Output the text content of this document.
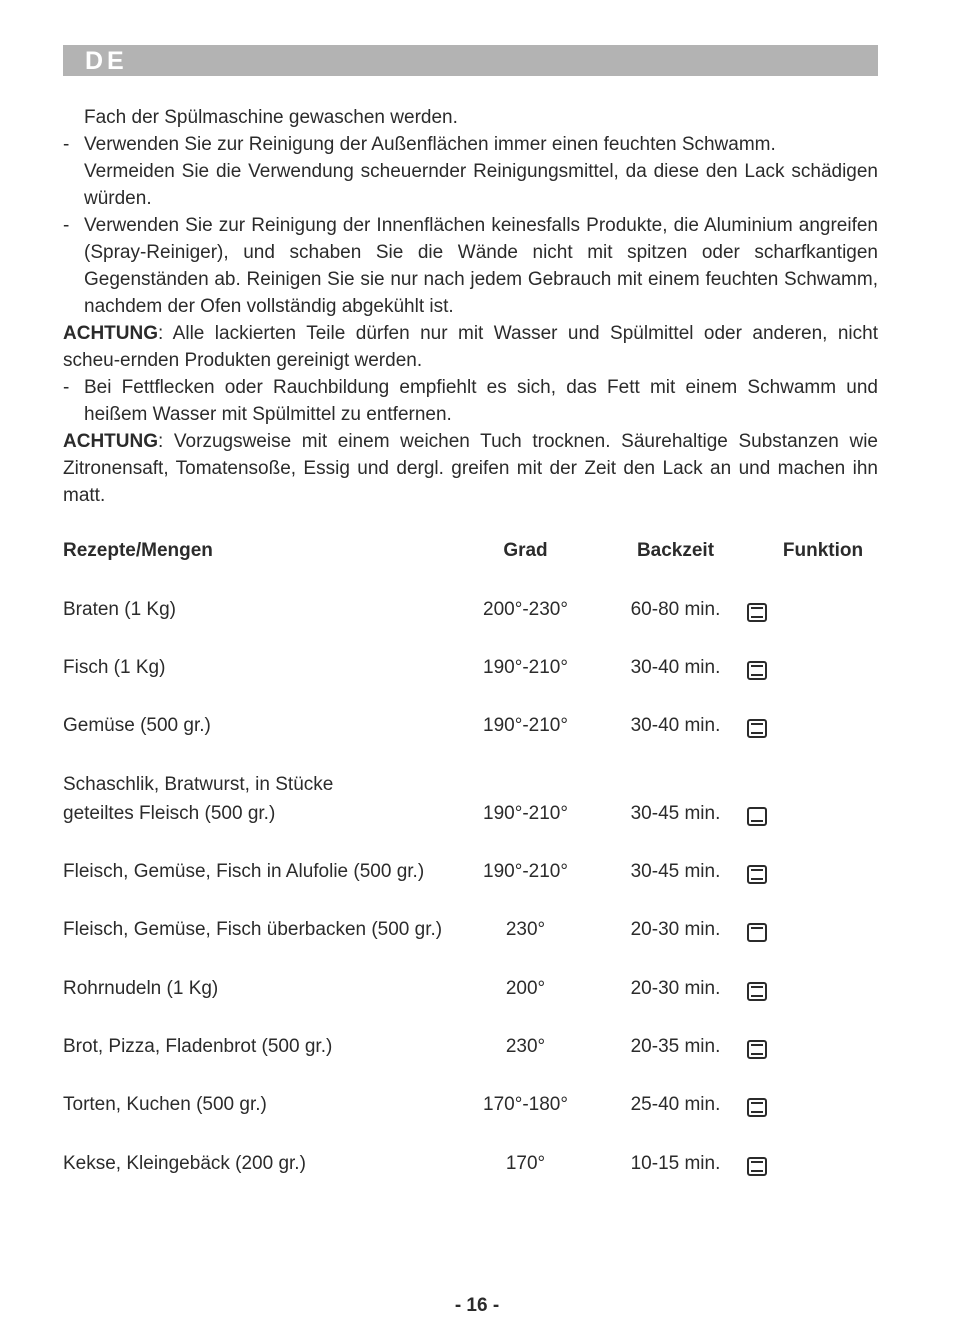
DE
Fach der Spülmaschine gewaschen werden.
- Verwenden Sie zur Reinigung der Außenflächen immer einen feuchten Schwamm.
Vermeiden Sie die Verwendung scheuernder Reinigungsmittel, da diese den Lack schädigen würden.
- Verwenden Sie zur Reinigung der Innenflächen keinesfalls Produkte, die Aluminium angreifen (Spray-Reiniger), und schaben Sie die Wände nicht mit spitzen oder scharfkantigen Gegenständen ab. Reinigen Sie sie nur nach jedem Gebrauch mit einem feuchten Schwamm, nachdem der Ofen vollständig abgekühlt ist.
ACHTUNG: Alle lackierten Teile dürfen nur mit Wasser und Spülmittel oder anderen, nicht scheu-ernden Produkten gereinigt werden.
- Bei Fettflecken oder Rauchbildung empfiehlt es sich, das Fett mit einem Schwamm und heißem Wasser mit Spülmittel zu entfernen.
ACHTUNG: Vorzugsweise mit einem weichen Tuch trocknen. Säurehaltige Substanzen wie Zitronensaft, Tomatensoße, Essig und dergl. greifen mit der Zeit den Lack an und machen ihn matt.
Rezepte/Mengen	Grad	Backzeit	Funktion
Braten (1 Kg)	200°-230°	60-80 min.
Fisch (1 Kg)	190°-210°	30-40 min.
Gemüse (500 gr.)	190°-210°	30-40 min.
Schaschlik, Bratwurst, in Stücke
geteiltes Fleisch (500 gr.)	190°-210°	30-45 min.
Fleisch, Gemüse, Fisch in Alufolie (500 gr.)	190°-210°	30-45 min.
Fleisch, Gemüse, Fisch überbacken (500 gr.)	230°	20-30 min.
Rohrnudeln (1 Kg)	200°	20-30 min.
Brot, Pizza, Fladenbrot (500 gr.)	230°	20-35 min.
Torten, Kuchen (500 gr.)	170°-180°	25-40 min.
Kekse, Kleingebäck (200 gr.)	170°	10-15 min.
- 16 -
